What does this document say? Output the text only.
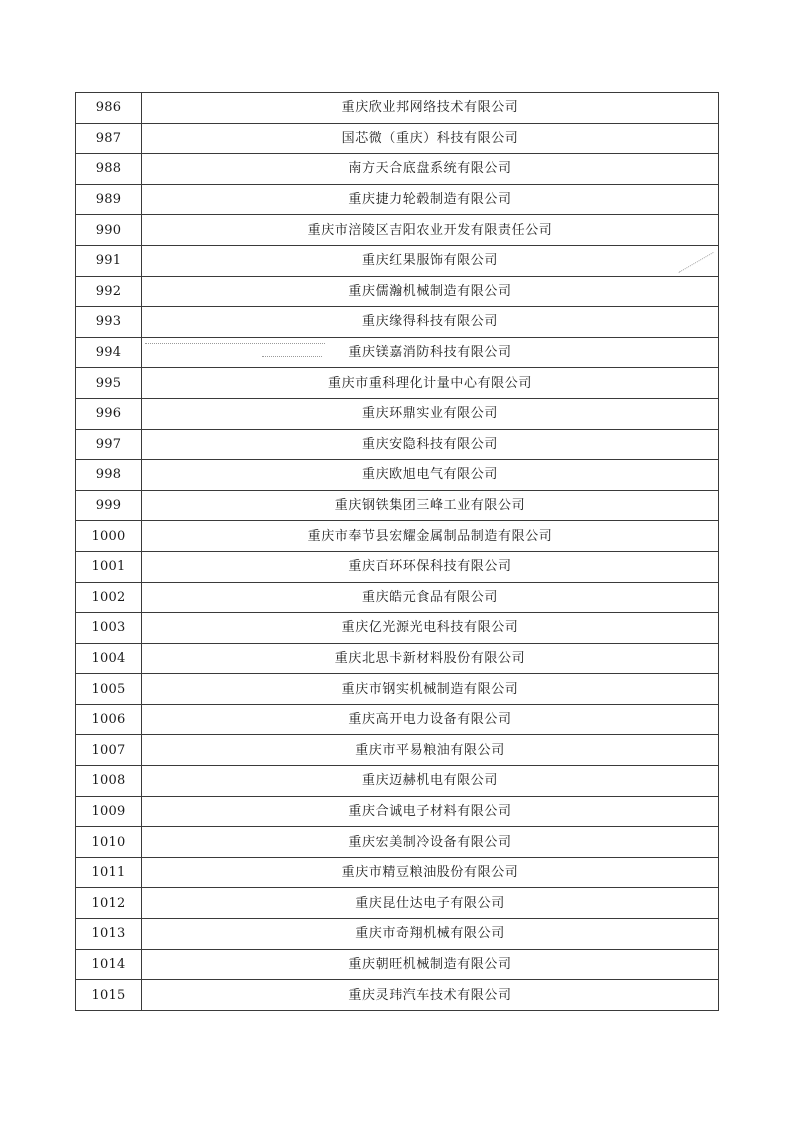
986	重庆欣业邦网络技术有限公司
987	国芯微（重庆）科技有限公司
988	南方天合底盘系统有限公司
989	重庆捷力轮毂制造有限公司
990	重庆市涪陵区吉阳农业开发有限责任公司
991	重庆红果服饰有限公司
992	重庆儒瀚机械制造有限公司
993	重庆缘得科技有限公司
994	重庆镁嘉消防科技有限公司
995	重庆市重科理化计量中心有限公司
996	重庆环鼎实业有限公司
997	重庆安隐科技有限公司
998	重庆欧旭电气有限公司
999	重庆钢铁集团三峰工业有限公司
1000	重庆市奉节县宏耀金属制品制造有限公司
1001	重庆百环环保科技有限公司
1002	重庆皓元食品有限公司
1003	重庆亿光源光电科技有限公司
1004	重庆北思卡新材料股份有限公司
1005	重庆市钢实机械制造有限公司
1006	重庆高开电力设备有限公司
1007	重庆市平易粮油有限公司
1008	重庆迈赫机电有限公司
1009	重庆合诚电子材料有限公司
1010	重庆宏美制冷设备有限公司
1011	重庆市精豆粮油股份有限公司
1012	重庆昆仕达电子有限公司
1013	重庆市奇翔机械有限公司
1014	重庆朝旺机械制造有限公司
1015	重庆灵玮汽车技术有限公司
